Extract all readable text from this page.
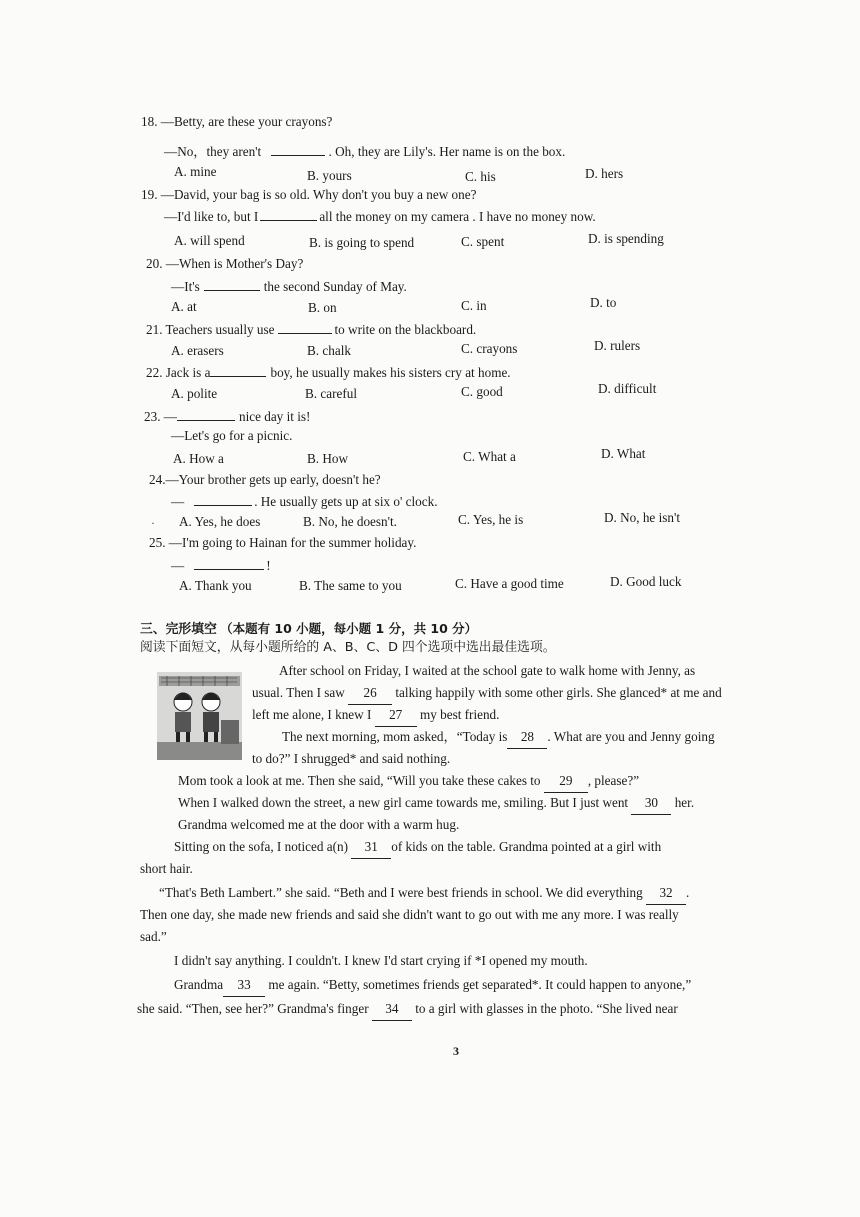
18. —Betty, are these your crayons?
—No，they aren't	. Oh, they are Lily's. Her name is on the box.
A. mine	B. yours	C. his	D. hers
19. —David, your bag is so old. Why don't you buy a new one?
—I'd like to, but I	all the money on my camera . I have no money now.
A. will spend	B. is going to spend	C. spent	D. is spending
20. —When is Mother's Day?
—It's	the second Sunday of May.
A. at	B. on	C. in	D. to
21. Teachers usually use	to write on the blackboard.
A. erasers	B. chalk	C. crayons	D. rulers
22. Jack is a	boy, he usually makes his sisters cry at home.
A. polite	B. careful	C. good	D. difficult
23. —	nice day it is!
—Let's go for a picnic.
A. How a	B. How	C. What a	D. What
24.—Your brother gets up early, doesn't he?
—	. He usually gets up at six o' clock.
· A. Yes, he does	B. No, he doesn't.	C. Yes, he is	D. No, he isn't
25. —I'm going to Hainan for the summer holiday.
—	!
A. Thank you	B. The same to you	C. Have a good time	D. Good luck
三、完形填空 （本题有 10 小题，每小题 1 分，共 10 分）
阅读下面短文，从每小题所给的 A、B、C、D 四个选项中选出最佳选项。
After school on Friday, I waited at the school gate to walk home with Jenny, as
usual. Then I saw 26 talking happily with some other girls. She glanced* at me and
left me alone, I knew I 27 my best friend.
The next morning, mom asked，“Today is 28 . What are you and Jenny going
to do?” I shrugged* and said nothing.
Mom took a look at me. Then she said, “Will you take these cakes to 29 , please?”
When I walked down the street, a new girl came towards me, smiling. But I just went 30 her.
Grandma welcomed me at the door with a warm hug.
Sitting on the sofa, I noticed a(n) 31 of kids on the table. Grandma pointed at a girl with
short hair.
“That's Beth Lambert.” she said. “Beth and I were best friends in school. We did everything 32 .
Then one day, she made new friends and said she didn't want to go out with me any more. I was really
sad.”
I didn't say anything. I couldn't. I knew I'd start crying if *I opened my mouth.
Grandma 33 me again. “Betty, sometimes friends get separated*. It could happen to anyone,”
she said. “Then, see her?” Grandma's finger 34 to a girl with glasses in the photo. “She lived near
3
